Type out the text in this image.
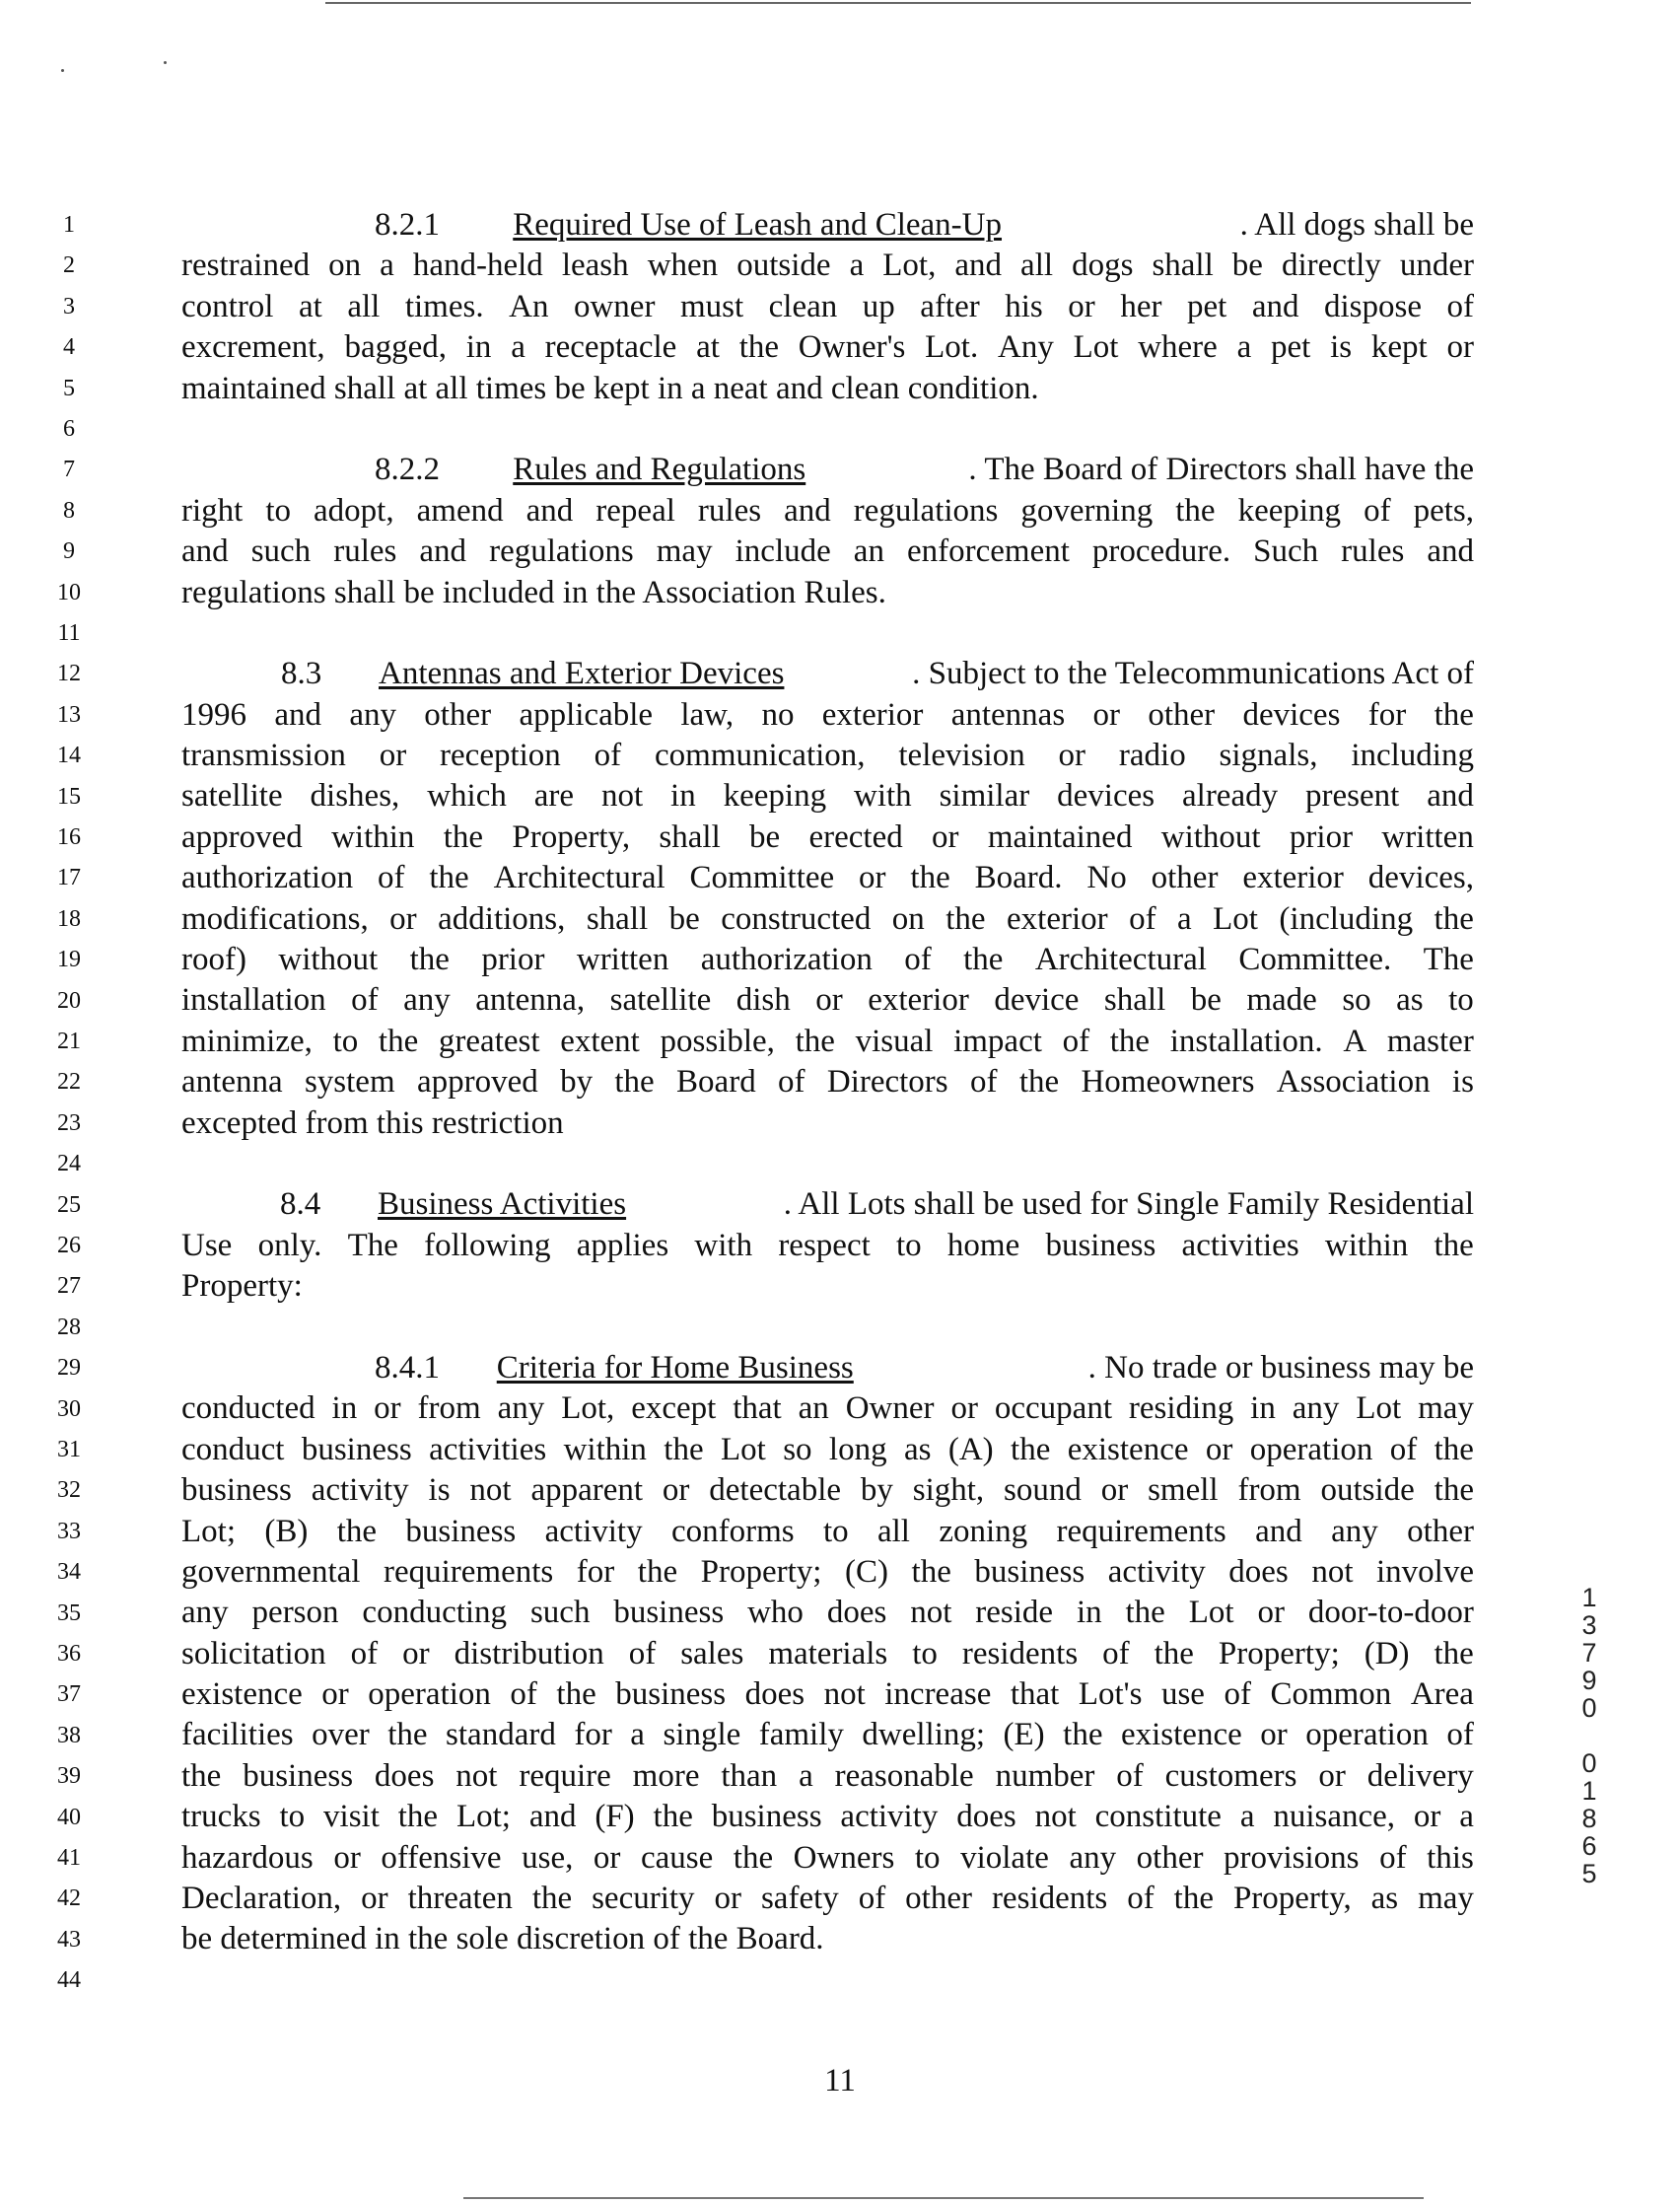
1
2
3
4
5
6
7
8
9
10
11
12
13
14
15
16
17
18
19
20
21
22
23
24
25
26
27
28
29
30
31
32
33
34
35
36
37
38
39
40
41
42
43
44
8.2.1 Required Use of Leash and Clean-Up	. All dogs shall be
restrained on a hand-held leash when outside a Lot, and all dogs shall be directly under
control at all times. An owner must clean up after his or her pet and dispose of
excrement, bagged, in a receptacle at the Owner's Lot. Any Lot where a pet is kept or
maintained shall at all times be kept in a neat and clean condition.
8.2.2 Rules and Regulations	. The Board of Directors shall have the
right to adopt, amend and repeal rules and regulations governing the keeping of pets,
and such rules and regulations may include an enforcement procedure. Such rules and
regulations shall be included in the Association Rules.
8.3 Antennas and Exterior Devices	. Subject to the Telecommunications Act of
1996 and any other applicable law, no exterior antennas or other devices for the
transmission or reception of communication, television or radio signals, including
satellite dishes, which are not in keeping with similar devices already present and
approved within the Property, shall be erected or maintained without prior written
authorization of the Architectural Committee or the Board. No other exterior devices,
modifications, or additions, shall be constructed on the exterior of a Lot (including the
roof) without the prior written authorization of the Architectural Committee. The
installation of any antenna, satellite dish or exterior device shall be made so as to
minimize, to the greatest extent possible, the visual impact of the installation. A master
antenna system approved by the Board of Directors of the Homeowners Association is
excepted from this restriction
8.4 Business Activities	. All Lots shall be used for Single Family Residential
Use only. The following applies with respect to home business activities within the
Property:
8.4.1 Criteria for Home Business	. No trade or business may be
conducted in or from any Lot, except that an Owner or occupant residing in any Lot may
conduct business activities within the Lot so long as (A) the existence or operation of the
business activity is not apparent or detectable by sight, sound or smell from outside the
Lot; (B) the business activity conforms to all zoning requirements and any other
governmental requirements for the Property; (C) the business activity does not involve
any person conducting such business who does not reside in the Lot or door-to-door
solicitation of or distribution of sales materials to residents of the Property; (D) the
existence or operation of the business does not increase that Lot's use of Common Area
facilities over the standard for a single family dwelling; (E) the existence or operation of
the business does not require more than a reasonable number of customers or delivery
trucks to visit the Lot; and (F) the business activity does not constitute a nuisance, or a
hazardous or offensive use, or cause the Owners to violate any other provisions of this
Declaration, or threaten the security or safety of other residents of the Property, as may
be determined in the sole discretion of the Board.
11
13790 01865
